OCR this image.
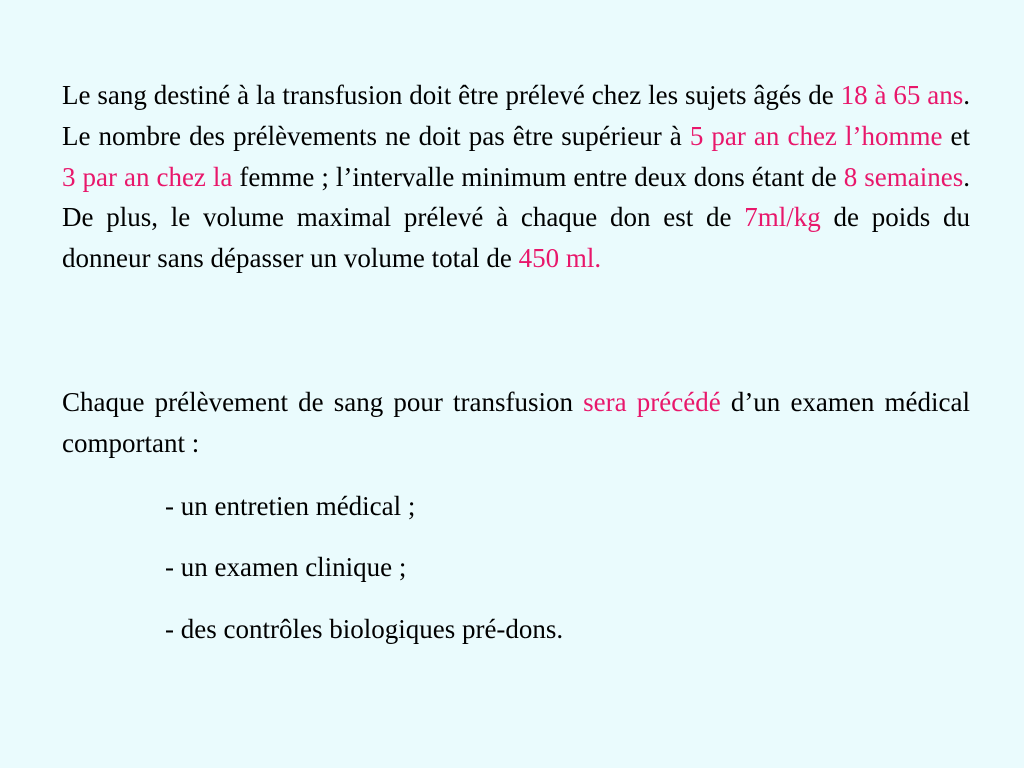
Le sang destiné à la transfusion doit être prélevé chez les sujets âgés de 18 à 65 ans. Le nombre des prélèvements ne doit pas être supérieur à 5 par an chez l’homme et 3 par an chez la femme ; l’intervalle minimum entre deux dons étant de 8 semaines. De plus, le volume maximal prélevé à chaque don est de 7ml/kg de poids du donneur sans dépasser un volume total de 450 ml.

Chaque prélèvement de sang pour transfusion sera précédé d’un examen médical comportant :

- un entretien médical ;

- un examen clinique ;

- des contrôles biologiques pré-dons.
